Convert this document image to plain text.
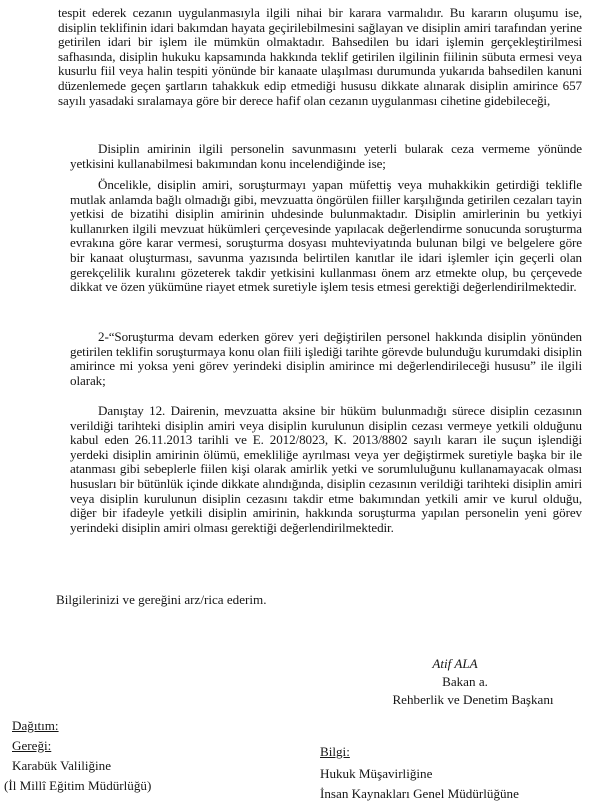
tespit ederek cezanın uygulanmasıyla ilgili nihai bir karara varmalıdır. Bu kararın oluşumu ise, disiplin teklifinin idari bakımdan hayata geçirilebilmesini sağlayan ve disiplin amiri tarafından yerine getirilen idari bir işlem ile mümkün olmaktadır. Bahsedilen bu idari işlemin gerçekleştirilmesi safhasında, disiplin hukuku kapsamında hakkında teklif getirilen ilgilinin fiilinin sübuta ermesi veya kusurlu fiil veya halin tespiti yönünde bir kanaate ulaşılması durumunda yukarıda bahsedilen kanuni düzenlemede geçen şartların tahakkuk edip etmediği hususu dikkate alınarak disiplin amirince 657 sayılı yasadaki sıralamaya göre bir derece hafif olan cezanın uygulanması cihetine gidebileceği,
Disiplin amirinin ilgili personelin savunmasını yeterli bularak ceza vermeme yönünde yetkisini kullanabilmesi bakımından konu incelendiğinde ise;
Öncelikle, disiplin amiri, soruşturmayı yapan müfettiş veya muhakkikin getirdiği teklifle mutlak anlamda bağlı olmadığı gibi, mevzuatta öngörülen fiiller karşılığında getirilen cezaları tayin yetkisi de bizatihi disiplin amirinin uhdesinde bulunmaktadır. Disiplin amirlerinin bu yetkiyi kullanırken ilgili mevzuat hükümleri çerçevesinde yapılacak değerlendirme sonucunda soruşturma evrakına göre karar vermesi, soruşturma dosyası muhteviyatında bulunan bilgi ve belgelere göre bir kanaat oluşturması, savunma yazısında belirtilen kanıtlar ile idari işlemler için geçerli olan gerekçelilik kuralını gözeterek takdir yetkisini kullanması önem arz etmekte olup, bu çerçevede dikkat ve özen yükümüne riayet etmek suretiyle işlem tesis etmesi gerektiği değerlendirilmektedir.
2-“Soruşturma devam ederken görev yeri değiştirilen personel hakkında disiplin yönünden getirilen teklifin soruşturmaya konu olan fiili işlediği tarihte görevde bulunduğu kurumdaki disiplin amirince mi yoksa yeni görev yerindeki disiplin amirince mi değerlendirileceği hususu” ile ilgili olarak;
Danıştay 12. Dairenin, mevzuatta aksine bir hüküm bulunmadığı sürece disiplin cezasının verildiği tarihteki disiplin amiri veya disiplin kurulunun disiplin cezası vermeye yetkili olduğunu kabul eden 26.11.2013 tarihli ve E. 2012/8023, K. 2013/8802 sayılı kararı ile suçun işlendiği yerdeki disiplin amirinin ölümü, emekliliğe ayrılması veya yer değiştirmek suretiyle başka bir ile atanması gibi sebeplerle fiilen kişi olarak amirlik yetki ve sorumluluğunu kullanamayacak olması hususları bir bütünlük içinde dikkate alındığında, disiplin cezasının verildiği tarihteki disiplin amiri veya disiplin kurulunun disiplin cezasını takdir etme bakımından yetkili amir ve kurul olduğu, diğer bir ifadeyle yetkili disiplin amirinin, hakkında soruşturma yapılan personelin yeni görev yerindeki disiplin amiri olması gerektiği değerlendirilmektedir.
Bilgilerinizi ve gereğini arz/rica ederim.
Atif ALA
Bakan a.
Rehberlik ve Denetim Başkanı
Dağıtım:
Gereği:
Karabük Valiliğine
(İl Millî Eğitim Müdürlüğü)
Bilgi:
Hukuk Müşavirliğine
İnsan Kaynakları Genel Müdürlüğüne
